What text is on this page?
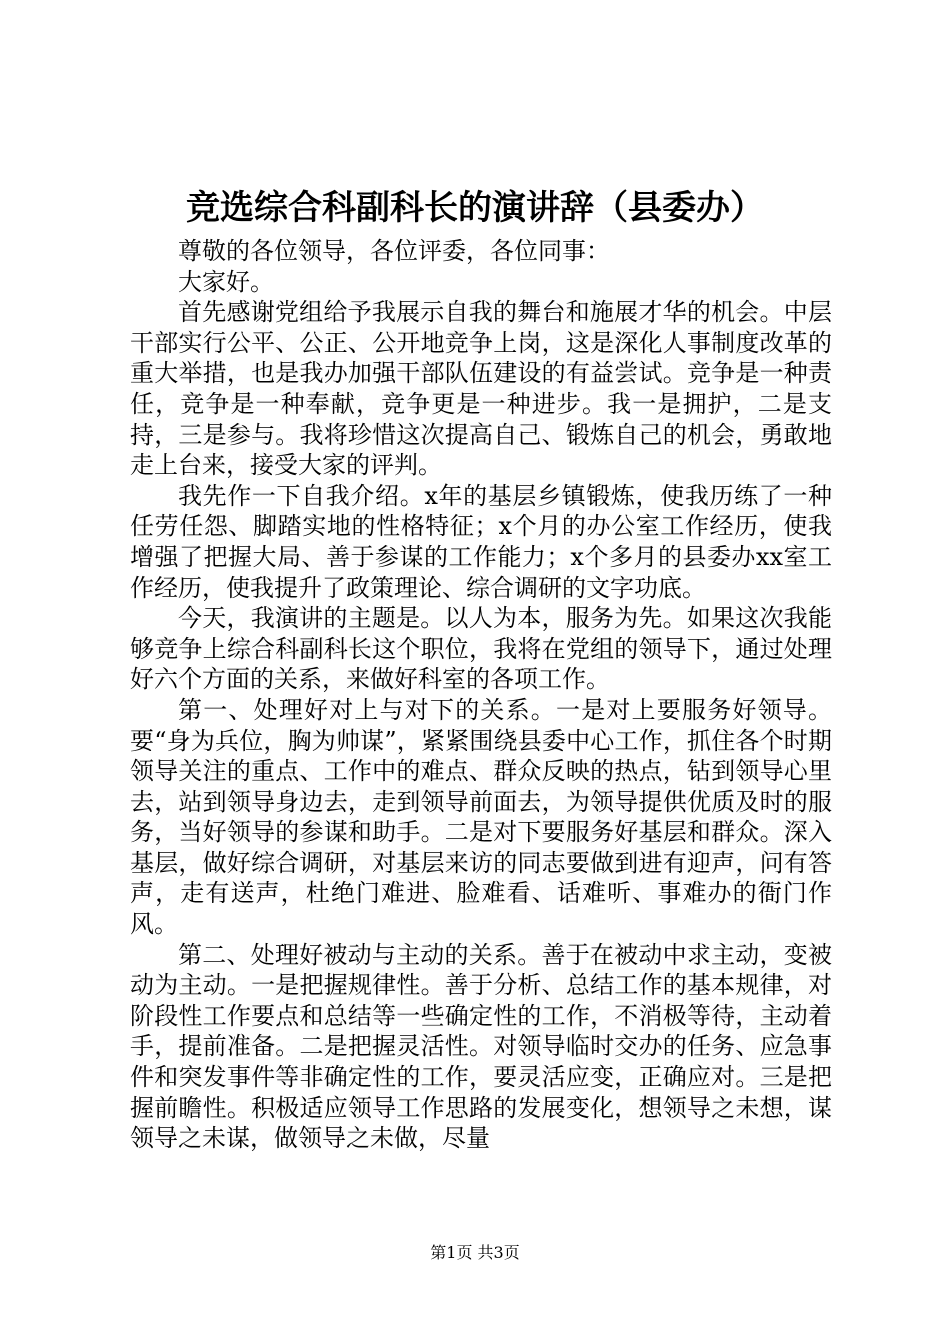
竞选综合科副科长的演讲辞（县委办）

尊敬的各位领导，各位评委，各位同事：

大家好。

首先感谢党组给予我展示自我的舞台和施展才华的机会。中层干部实行公平、公正、公开地竞争上岗，这是深化人事制度改革的重大举措，也是我办加强干部队伍建设的有益尝试。竞争是一种责任，竞争是一种奉献，竞争更是一种进步。我一是拥护，二是支持，三是参与。我将珍惜这次提高自己、锻炼自己的机会，勇敢地走上台来，接受大家的评判。

我先作一下自我介绍。x年的基层乡镇锻炼，使我历练了一种任劳任怨、脚踏实地的性格特征；x个月的办公室工作经历，使我增强了把握大局、善于参谋的工作能力；x个多月的县委办xx室工作经历，使我提升了政策理论、综合调研的文字功底。

今天，我演讲的主题是。以人为本，服务为先。如果这次我能够竞争上综合科副科长这个职位，我将在党组的领导下，通过处理好六个方面的关系，来做好科室的各项工作。

第一、处理好对上与对下的关系。一是对上要服务好领导。要“身为兵位，胸为帅谋”，紧紧围绕县委中心工作，抓住各个时期领导关注的重点、工作中的难点、群众反映的热点，钻到领导心里去，站到领导身边去，走到领导前面去，为领导提供优质及时的服务，当好领导的参谋和助手。二是对下要服务好基层和群众。深入基层，做好综合调研，对基层来访的同志要做到进有迎声，问有答声，走有送声，杜绝门难进、脸难看、话难听、事难办的衙门作风。

第二、处理好被动与主动的关系。善于在被动中求主动，变被动为主动。一是把握规律性。善于分析、总结工作的基本规律，对阶段性工作要点和总结等一些确定性的工作，不消极等待，主动着手，提前准备。二是把握灵活性。对领导临时交办的任务、应急事件和突发事件等非确定性的工作，要灵活应变，正确应对。三是把握前瞻性。积极适应领导工作思路的发展变化，想领导之未想，谋领导之未谋，做领导之未做，尽量

第1页 共3页
